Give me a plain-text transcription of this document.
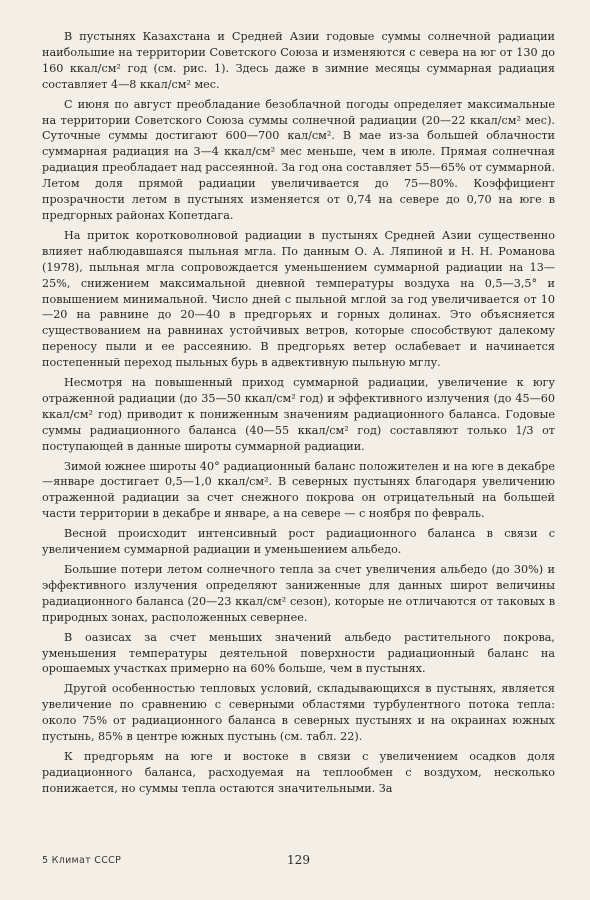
В пустынях Казахстана и Средней Азии годовые суммы солнечной радиации наибольшие на территории Советского Союза и изменяются с севера на юг от 130 до 160 ккал/см² год (см. рис. 1). Здесь даже в зимние месяцы суммарная радиация составляет 4—8 ккал/см² мес.

С июня по август преобладание безоблачной погоды определяет максимальные на территории Советского Союза суммы солнечной радиации (20—22 ккал/см² мес). Суточные суммы достигают 600—700 кал/см². В мае из-за большей облачности суммарная радиация на 3—4 ккал/см² мес меньше, чем в июле. Прямая солнечная радиация преобладает над рассеянной. За год она составляет 55—65% от суммарной. Летом доля прямой радиации увеличивается до 75—80%. Коэффициент прозрачности летом в пустынях изменяется от 0,74 на севере до 0,70 на юге в предгорных районах Копетдага.

На приток коротковолновой радиации в пустынях Средней Азии существенно влияет наблюдавшаяся пыльная мгла. По данным О. А. Ляпиной и Н. Н. Романова (1978), пыльная мгла сопровождается уменьшением суммарной радиации на 13—25%, снижением максимальной дневной температуры воздуха на 0,5—3,5° и повышением минимальной. Число дней с пыльной мглой за год увеличивается от 10—20 на равнине до 20—40 в предгорьях и горных долинах. Это объясняется существованием на равнинах устойчивых ветров, которые способствуют далекому переносу пыли и ее рассеянию. В предгорьях ветер ослабевает и начинается постепенный переход пыльных бурь в адвективную пыльную мглу.

Несмотря на повышенный приход суммарной радиации, увеличение к югу отраженной радиации (до 35—50 ккал/см² год) и эффективного излучения (до 45—60 ккал/см² год) приводит к пониженным значениям радиационного баланса. Годовые суммы радиационного баланса (40—55 ккал/см² год) составляют только 1/3 от поступающей в данные широты суммарной радиации.

Зимой южнее широты 40° радиационный баланс положителен и на юге в декабре—январе достигает 0,5—1,0 ккал/см². В северных пустынях благодаря увеличению отраженной радиации за счет снежного покрова он отрицательный на большей части территории в декабре и январе, а на севере — с ноября по февраль.

Весной происходит интенсивный рост радиационного баланса в связи с увеличением суммарной радиации и уменьшением альбедо.

Большие потери летом солнечного тепла за счет увеличения альбедо (до 30%) и эффективного излучения определяют заниженные для данных широт величины радиационного баланса (20—23 ккал/см² сезон), которые не отличаются от таковых в природных зонах, расположенных севернее.

В оазисах за счет меньших значений альбедо растительного покрова, уменьшения температуры деятельной поверхности радиационный баланс на орошаемых участках примерно на 60% больше, чем в пустынях.

Другой особенностью тепловых условий, складывающихся в пустынях, является увеличение по сравнению с северными областями турбулентного потока тепла: около 75% от радиационного баланса в северных пустынях и на окраинах южных пустынь, 85% в центре южных пустынь (см. табл. 22).

К предгорьям на юге и востоке в связи с увеличением осадков доля радиационного баланса, расходуемая на теплообмен с воздухом, несколько понижается, но суммы тепла остаются значительными. За

5 Климат СССР	129
